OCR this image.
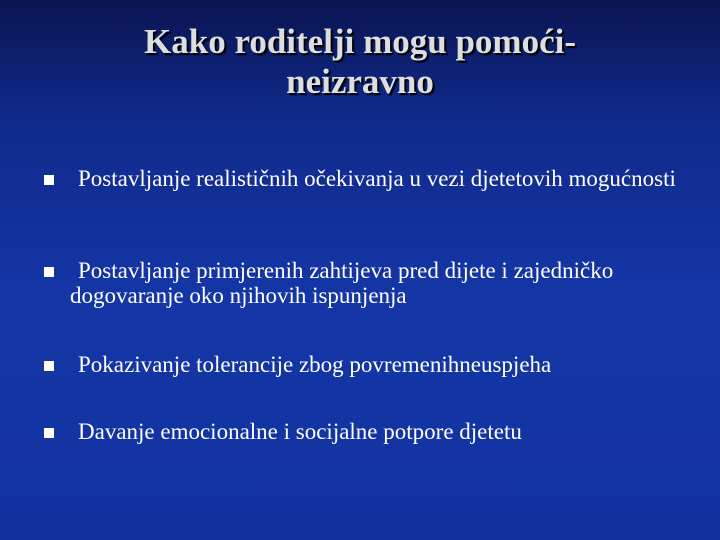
Kako roditelji mogu pomoći-
neizravno
Postavljanje realističnih očekivanja u vezi djetetovih mogućnosti
Postavljanje primjerenih zahtijeva pred dijete i zajedničko dogovaranje oko njihovih ispunjenja
Pokazivanje tolerancije zbog povremenihneuspjeha
Davanje emocionalne i socijalne potpore djetetu
